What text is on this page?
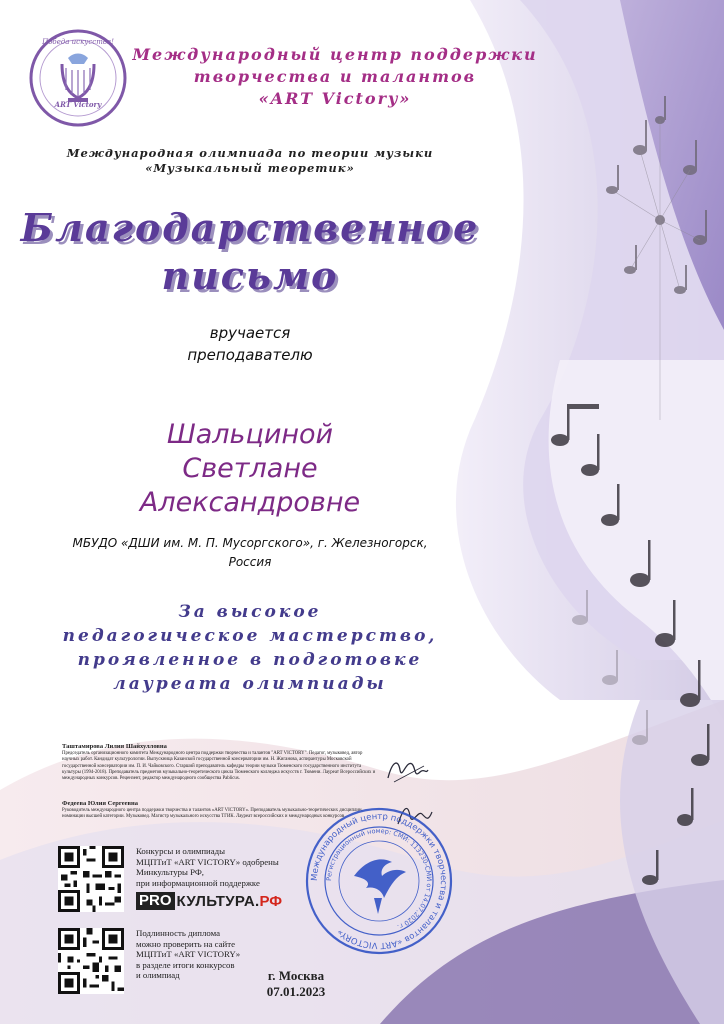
Победа искусства!
ART Victory
Международный центр поддержки
творчества и талантов
«ART Victory»
Международная олимпиада по теории музыки
«Музыкальный теоретик»
Благодарственное
письмо
вручается
преподавателю
Шальциной
Светлане
Александровне
МБУДО «ДШИ им. М. П. Мусоргского», г. Железногорск,
Россия
За высокое
педагогическое мастерство,
проявленное в подготовке
лауреата олимпиады
Таштамирова Лилия Шайхулловна
Председатель организационного комитета Международного центра поддержки творчества и талантов "ART VICTORY". Педагог, музыковед, автор научных работ. Кандидат культурологии. Выпускница Казанской государственной консерватории им. Н. Жиганова, аспирантуры Московской государственной консерватории им. П. И. Чайковского. Старший преподаватель кафедры теории музыки Тюменского государственного института культуры (1994-2018). Преподаватель предметов музыкально-теоретического цикла Тюменского колледжа искусств г. Тюмени. Лауреат Всероссийских и международных конкурсов. Рецензент, редактор международного сообщества Pablicus.
Федеева Юлия Сергеевна
Руководитель международного центра поддержки творчества и талантов «ART VICTORY». Преподаватель музыкально-теоретических дисциплин, номинации высшей категории. Музыковед. Магистр музыкального искусства ТГИК. Лауреат всероссийских и международных конкурсов.
Конкурсы и олимпиады
МЦПТиТ «ART VICTORY» одобрены
Минкультуры РФ,
при информационной поддержке
PRO КУЛЬТУРА. РФ
Подлинность диплома
можно проверить на сайте
МЦПТиТ «ART VICTORY»
в разделе итоги конкурсов
и олимпиад	г. Москва
07.01.2023
Международный центр поддержки творчества и талантов «ART VICTORY»
Регистрационный номер: СМИ: 113230-СМИ от 14.07.2020 г.
